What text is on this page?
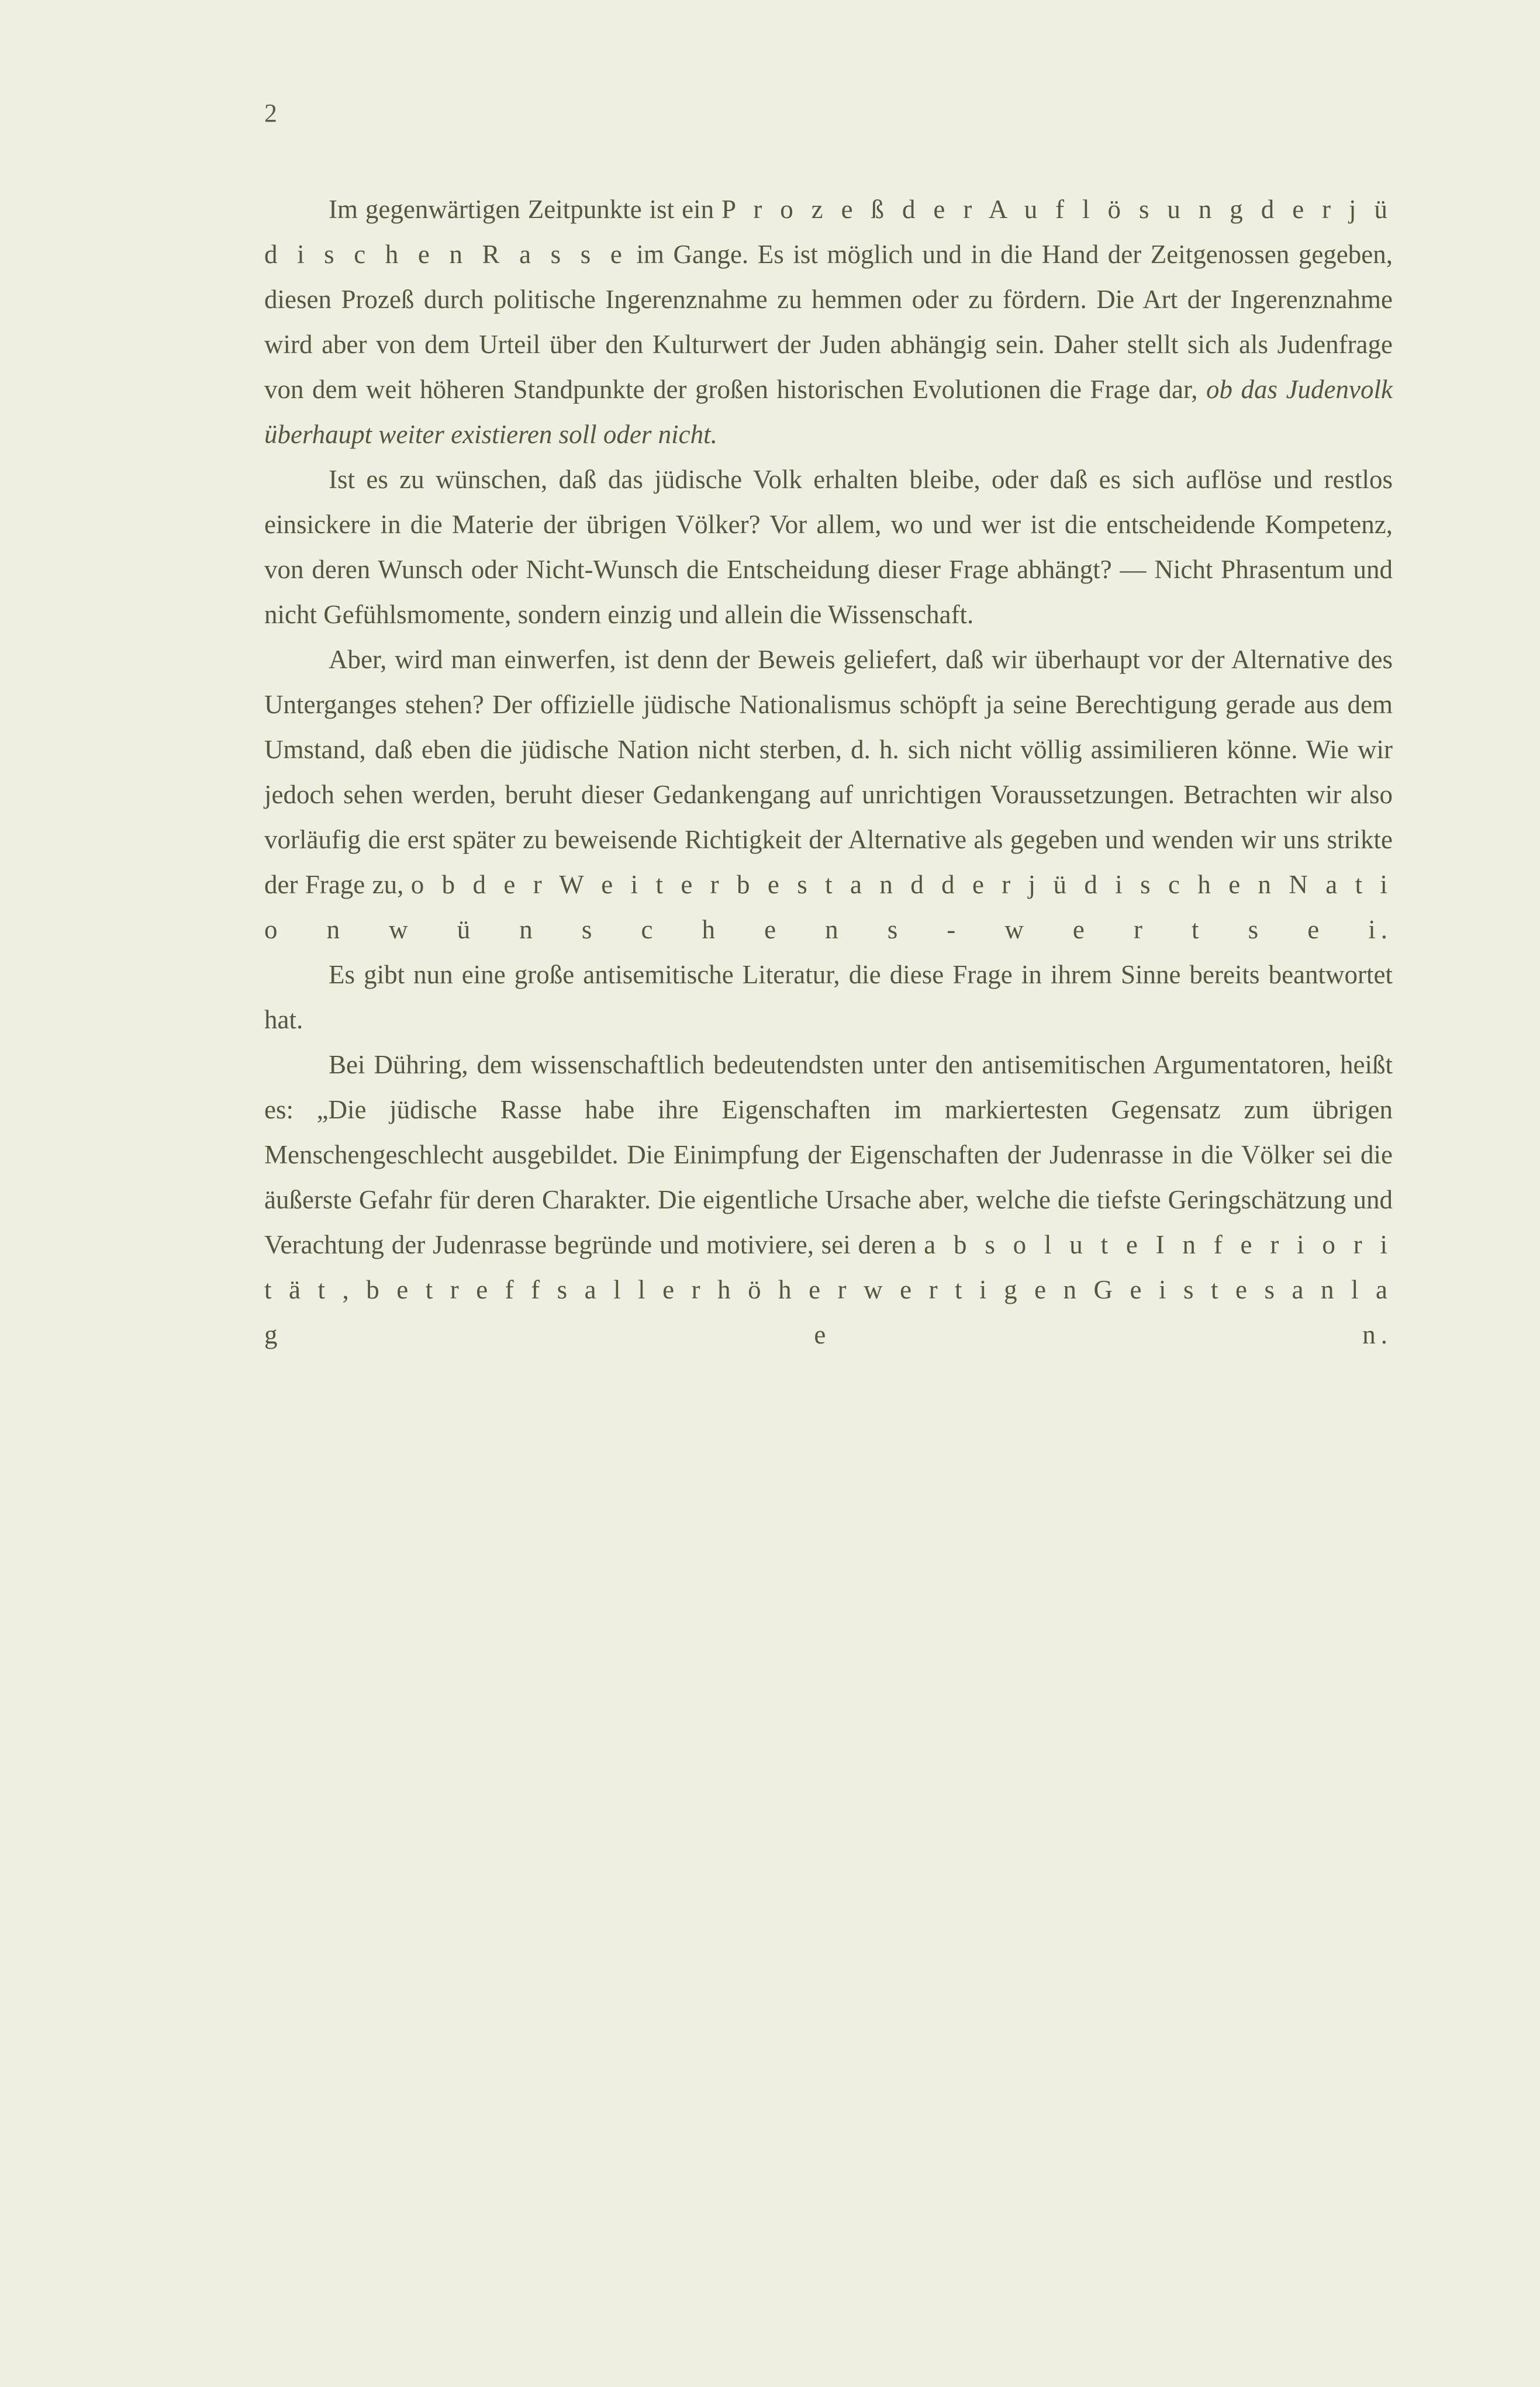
2

Im gegenwärtigen Zeitpunkte ist ein P r o z e ß d e r A u f l ö s u n g d e r j ü d i s c h e n R a s s e im Gange. Es ist möglich und in die Hand der Zeitgenossen gegeben, diesen Prozeß durch politische Ingerenznahme zu hemmen oder zu fördern. Die Art der Ingerenznahme wird aber von dem Urteil über den Kulturwert der Juden abhängig sein. Daher stellt sich als Judenfrage von dem weit höheren Standpunkte der großen historischen Evolutionen die Frage dar, ob das Judenvolk überhaupt weiter existieren soll oder nicht.

Ist es zu wünschen, daß das jüdische Volk erhalten bleibe, oder daß es sich auflöse und restlos einsickere in die Materie der übrigen Völker? Vor allem, wo und wer ist die entscheidende Kompetenz, von deren Wunsch oder Nicht-Wunsch die Entscheidung dieser Frage abhängt? — Nicht Phrasentum und nicht Gefühlsmomente, sondern einzig und allein die Wissenschaft.

Aber, wird man einwerfen, ist denn der Beweis geliefert, daß wir überhaupt vor der Alternative des Unterganges stehen? Der offizielle jüdische Nationalismus schöpft ja seine Berechtigung gerade aus dem Umstand, daß eben die jüdische Nation nicht sterben, d. h. sich nicht völlig assimilieren könne. Wie wir jedoch sehen werden, beruht dieser Gedankengang auf unrichtigen Voraussetzungen. Betrachten wir also vorläufig die erst später zu beweisende Richtigkeit der Alternative als gegeben und wenden wir uns strikte der Frage zu, o b d e r W e i t e r b e s t a n d d e r j ü d i s c h e n N a t i o n w ü n s c h e n s - w e r t s e i.

Es gibt nun eine große antisemitische Literatur, die diese Frage in ihrem Sinne bereits beantwortet hat.

Bei Dühring, dem wissenschaftlich bedeutendsten unter den antisemitischen Argumentatoren, heißt es: „Die jüdische Rasse habe ihre Eigenschaften im markiertesten Gegensatz zum übrigen Menschengeschlecht ausgebildet. Die Einimpfung der Eigenschaften der Judenrasse in die Völker sei die äußerste Gefahr für deren Charakter. Die eigentliche Ursache aber, welche die tiefste Geringschätzung und Verachtung der Judenrasse begründe und motiviere, sei deren a b s o l u t e I n f e r i o r i t ä t , b e t r e f f s a l l e r h ö h e r w e r t i g e n G e i s t e s a n l a g e n.
